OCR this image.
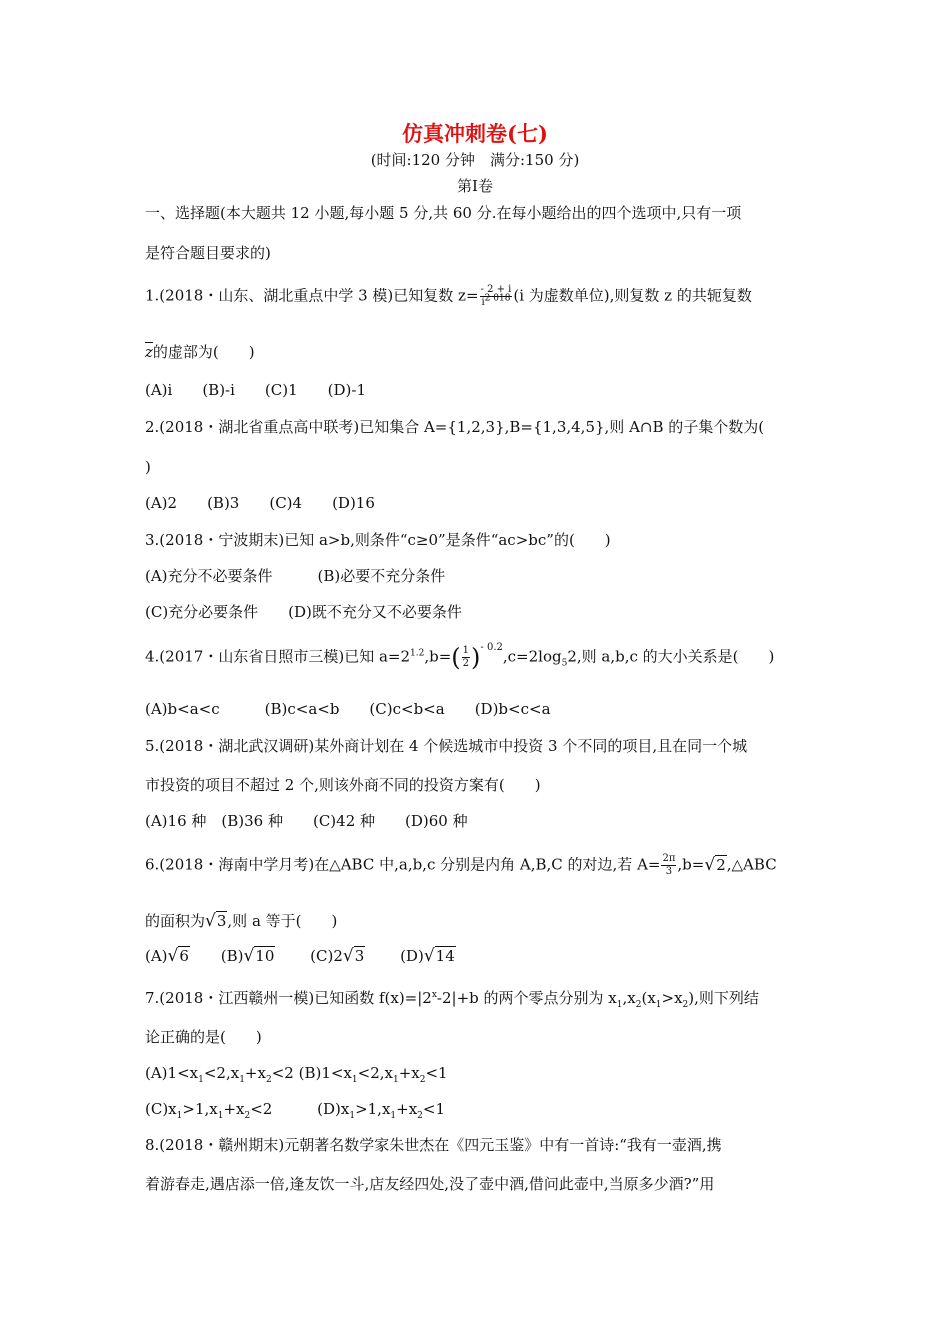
仿真冲刺卷(七)
(时间:120 分钟　满分:150 分)
第Ⅰ卷
一、选择题(本大题共 12 小题,每小题 5 分,共 60 分.在每小题给出的四个选项中,只有一项
是符合题目要求的)
1.(2018・山东、湖北重点中学 3 模)已知复数 $z= \frac{- 2 + i}{i^{2 018}} (i$ 为虚数单位),则复数 z 的共轭复数
$\overline{z}$的虚部为(　　)
(A)i　　(B)-i　　(C)1　　(D)-1
2.(2018・湖北省重点高中联考)已知集合 A={1,2,3},B={1,3,4,5},则 A∩B 的子集个数为(
)
(A)2　　(B)3　　(C)4　　(D)16
3.(2018・宁波期末)已知 a>b,则条件“c≥0”是条件“ac>bc”的(　　)
(A)充分不必要条件　　　(B)必要不充分条件
(C)充分必要条件　　(D)既不充分又不必要条件
4.(2017・山东省日照市三模)已知 $a=2^{1.2},b=( \frac{1}{2} )^{- 0.2},c=2\log_52$,则 a,b,c 的大小关系是(　　)
(A)b<a<c　　　(B)c<a<b　　(C)c<b<a　　(D)b<c<a
5.(2018・湖北武汉调研)某外商计划在 4 个候选城市中投资 3 个不同的项目,且在同一个城
市投资的项目不超过 2 个,则该外商不同的投资方案有(　　)
(A)16 种　(B)36 种　　(C)42 种　　(D)60 种
6.(2018・海南中学月考)在△ABC 中,a,b,c 分别是内角 A,B,C 的对边,若 $A= \frac{2\pi}{3}$ ,b=√2,△ABC
的面积为√3,则 a 等于(　　)
(A)√6 (B)√10 (C)2√3 (D)√14
7.(2018・江西赣州一模)已知函数 $f(x)=|2^x-2|+b$ 的两个零点分别为 $x_1,x_2(x_1>x_2)$,则下列结
论正确的是(　　)
$(A)1<x_1<2,x_1+x_2<2$ $(B)1<x_1<2,x_1+x_2<1$
$(C)x_1>1,x_1+x_2<2$	$(D)x_1>1,x_1+x_2<1$
8.(2018・赣州期末)元朝著名数学家朱世杰在《四元玉鉴》中有一首诗:“我有一壶酒,携
着游春走,遇店添一倍,逢友饮一斗,店友经四处,没了壶中酒,借问此壶中,当原多少酒?”用
